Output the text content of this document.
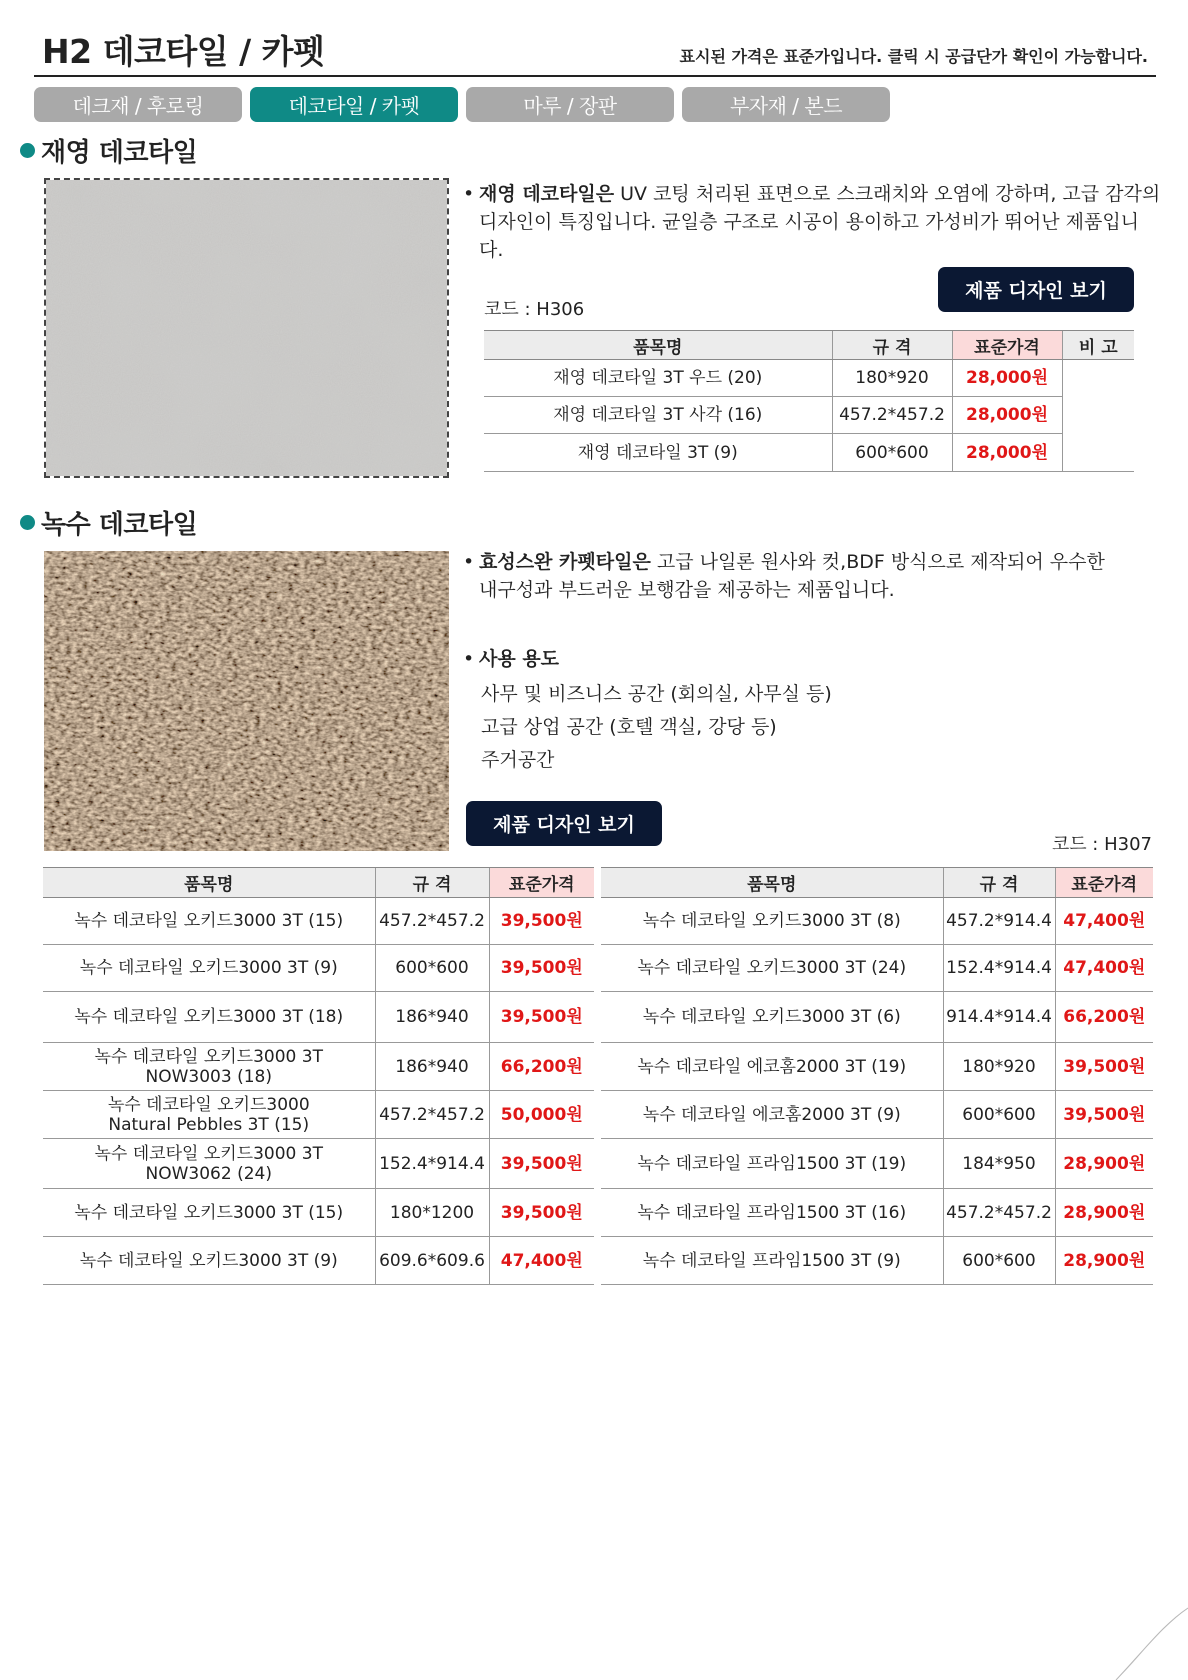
H2 데코타일 / 카펫	표시된 가격은 표준가입니다. 클릭 시 공급단가 확인이 가능합니다.
데크재 / 후로링	데코타일 / 카펫	마루 / 장판	부자재 / 본드
재영 데코타일
• 재영 데코타일은 UV 코팅 처리된 표면으로 스크래치와 오염에 강하며, 고급 감각의
디자인이 특징입니다. 균일층 구조로 시공이 용이하고 가성비가 뛰어난 제품입니다.
제품 디자인 보기
코드 : H306
품목명	규 격	표준가격	비 고
재영 데코타일 3T 우드 (20)	180*920	28,000원	
재영 데코타일 3T 사각 (16)	457.2*457.2	28,000원	
재영 데코타일 3T (9)	600*600	28,000원	
녹수 데코타일
• 효성스완 카펫타일은 고급 나일론 원사와 컷,BDF 방식으로 제작되어 우수한
내구성과 부드러운 보행감을 제공하는 제품입니다.
• 사용 용도
사무 및 비즈니스 공간 (회의실, 사무실 등)
고급 상업 공간 (호텔 객실, 강당 등)
주거공간
제품 디자인 보기
코드 : H307
품목명	규 격	표준가격
녹수 데코타일 오키드3000 3T (15)	457.2*457.2	39,500원
녹수 데코타일 오키드3000 3T (9)	600*600	39,500원
녹수 데코타일 오키드3000 3T (18)	186*940	39,500원
녹수 데코타일 오키드3000 3T NOW3003 (18)	186*940	66,200원
녹수 데코타일 오키드3000 Natural Pebbles 3T (15)	457.2*457.2	50,000원
녹수 데코타일 오키드3000 3T NOW3062 (24)	152.4*914.4	39,500원
녹수 데코타일 오키드3000 3T (15)	180*1200	39,500원
녹수 데코타일 오키드3000 3T (9)	609.6*609.6	47,400원
품목명	규 격	표준가격
녹수 데코타일 오키드3000 3T (8)	457.2*914.4	47,400원
녹수 데코타일 오키드3000 3T (24)	152.4*914.4	47,400원
녹수 데코타일 오키드3000 3T (6)	914.4*914.4	66,200원
녹수 데코타일 에코홈2000 3T (19)	180*920	39,500원
녹수 데코타일 에코홈2000 3T (9)	600*600	39,500원
녹수 데코타일 프라임1500 3T (19)	184*950	28,900원
녹수 데코타일 프라임1500 3T (16)	457.2*457.2	28,900원
녹수 데코타일 프라임1500 3T (9)	600*600	28,900원
